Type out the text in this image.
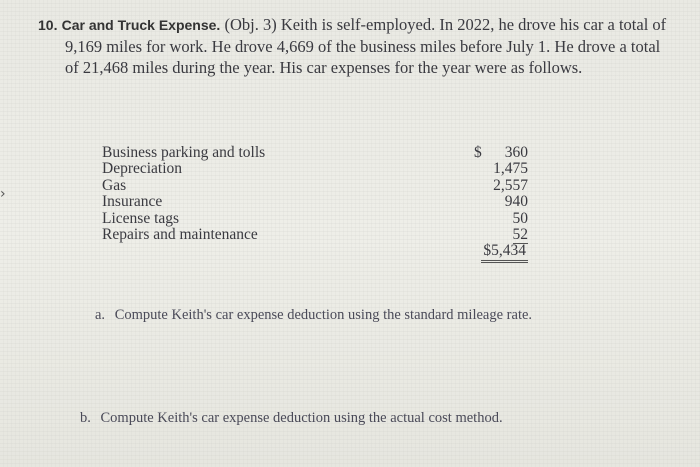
›
10. Car and Truck Expense. (Obj. 3) Keith is self-employed. In 2022, he drove his car a total of
9,169 miles for work. He drove 4,669 of the business miles before July 1. He drove a total
of 21,468 miles during the year. His car expenses for the year were as follows.
Business parking and tolls	$ 360
Depreciation	1,475
Gas	2,557
Insurance	940
License tags	50
Repairs and maintenance	52
$5,434
a. Compute Keith's car expense deduction using the standard mileage rate.
b. Compute Keith's car expense deduction using the actual cost method.
